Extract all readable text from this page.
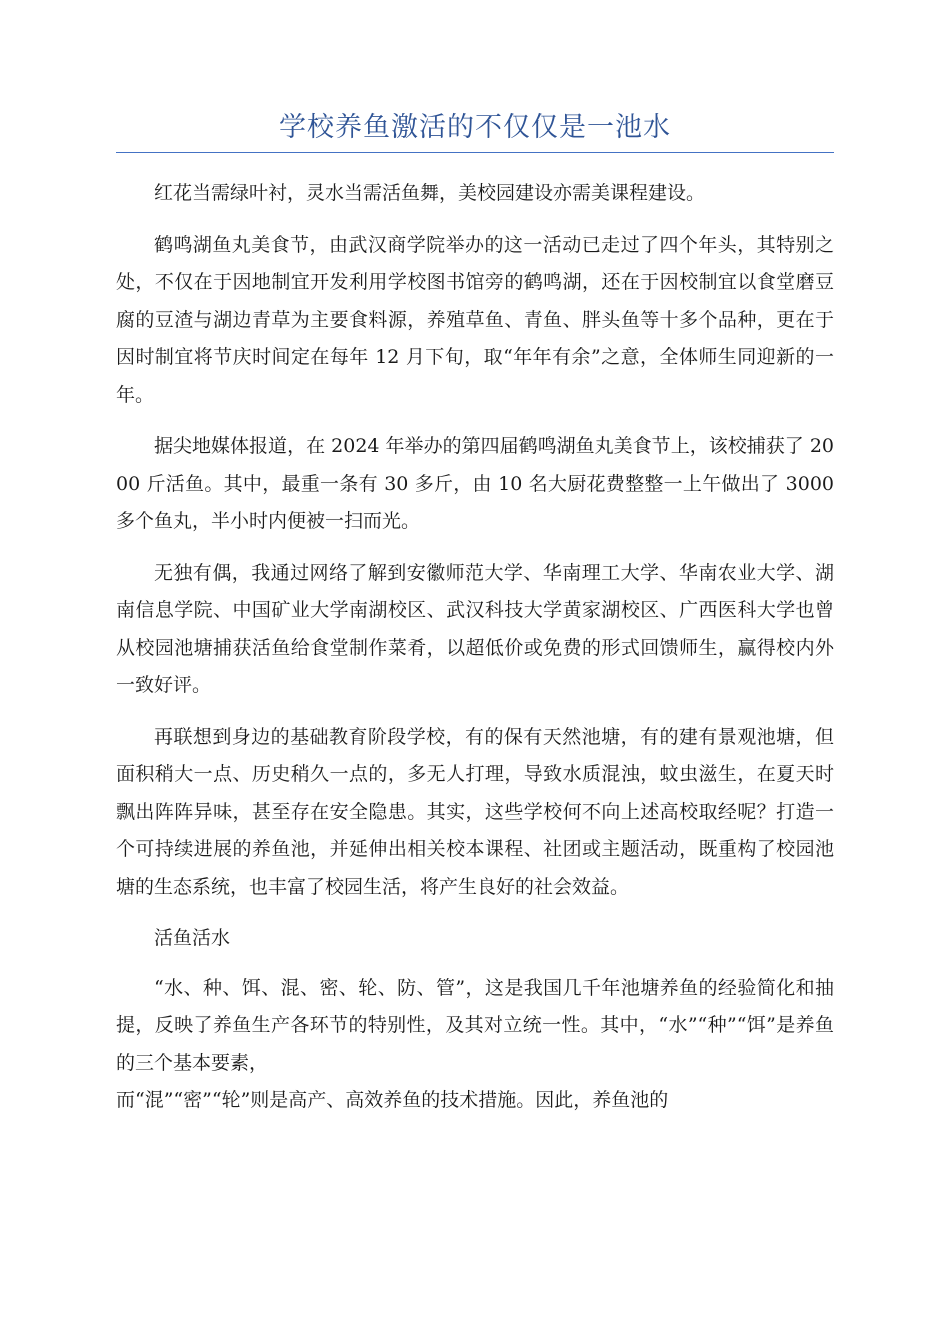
学校养鱼激活的不仅仅是一池水

红花当需绿叶衬，灵水当需活鱼舞，美校园建设亦需美课程建设。

鹤鸣湖鱼丸美食节，由武汉商学院举办的这一活动已走过了四个年头，其特别之处，不仅在于因地制宜开发利用学校图书馆旁的鹤鸣湖，还在于因校制宜以食堂磨豆腐的豆渣与湖边青草为主要食料源，养殖草鱼、青鱼、胖头鱼等十多个品种，更在于因时制宜将节庆时间定在每年 12 月下旬，取“年年有余”之意，全体师生同迎新的一年。

据尖地媒体报道，在 2024 年举办的第四届鹤鸣湖鱼丸美食节上，该校捕获了 2000 斤活鱼。其中，最重一条有 30 多斤，由 10 名大厨花费整整一上午做出了 3000 多个鱼丸，半小时内便被一扫而光。

无独有偶，我通过网络了解到安徽师范大学、华南理工大学、华南农业大学、湖南信息学院、中国矿业大学南湖校区、武汉科技大学黄家湖校区、广西医科大学也曾从校园池塘捕获活鱼给食堂制作菜肴，以超低价或免费的形式回馈师生，赢得校内外一致好评。

再联想到身边的基础教育阶段学校，有的保有天然池塘，有的建有景观池塘，但面积稍大一点、历史稍久一点的，多无人打理，导致水质混浊，蚊虫滋生，在夏天时飘出阵阵异味，甚至存在安全隐患。其实，这些学校何不向上述高校取经呢？打造一个可持续进展的养鱼池，并延伸出相关校本课程、社团或主题活动，既重构了校园池塘的生态系统，也丰富了校园生活，将产生良好的社会效益。

活鱼活水

“水、种、饵、混、密、轮、防、管”，这是我国几千年池塘养鱼的经验简化和抽提，反映了养鱼生产各环节的特别性，及其对立统一性。其中，“水”“种”“饵”是养鱼的三个基本要素，

而“混”“密”“轮”则是高产、高效养鱼的技术措施。因此，养鱼池的
